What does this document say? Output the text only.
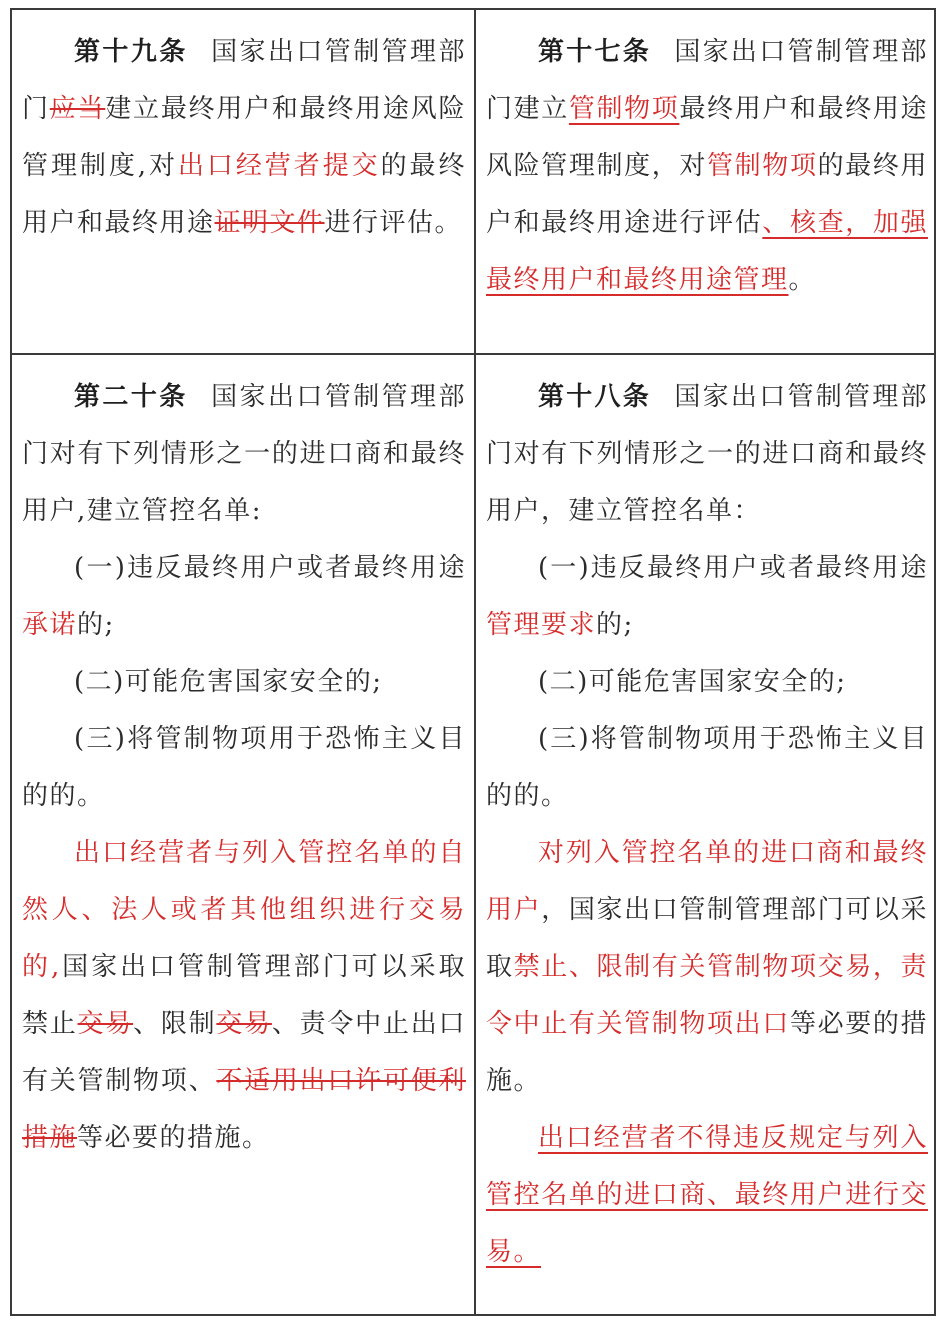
第十九条 国家出口管制管理部门应当建立最终用户和最终用途风险管理制度,对出口经营者提交的最终用户和最终用途证明文件进行评估。

第十七条 国家出口管制管理部门建立管制物项最终用户和最终用途风险管理制度，对管制物项的最终用户和最终用途进行评估、核查，加强最终用户和最终用途管理。

第二十条 国家出口管制管理部门对有下列情形之一的进口商和最终用户,建立管控名单:

(一)违反最终用户或者最终用途承诺的;

(二)可能危害国家安全的;

(三)将管制物项用于恐怖主义目的的。

出口经营者与列入管控名单的自然人、法人或者其他组织进行交易的,国家出口管制管理部门可以采取禁止交易、限制交易、责令中止出口有关管制物项、不适用出口许可便利措施等必要的措施。

第十八条 国家出口管制管理部门对有下列情形之一的进口商和最终用户，建立管控名单：

(一)违反最终用户或者最终用途管理要求的;

(二)可能危害国家安全的;

(三)将管制物项用于恐怖主义目的的。

对列入管控名单的进口商和最终用户，国家出口管制管理部门可以采取禁止、限制有关管制物项交易，责令中止有关管制物项出口等必要的措施。

出口经营者不得违反规定与列入管控名单的进口商、最终用户进行交易。
